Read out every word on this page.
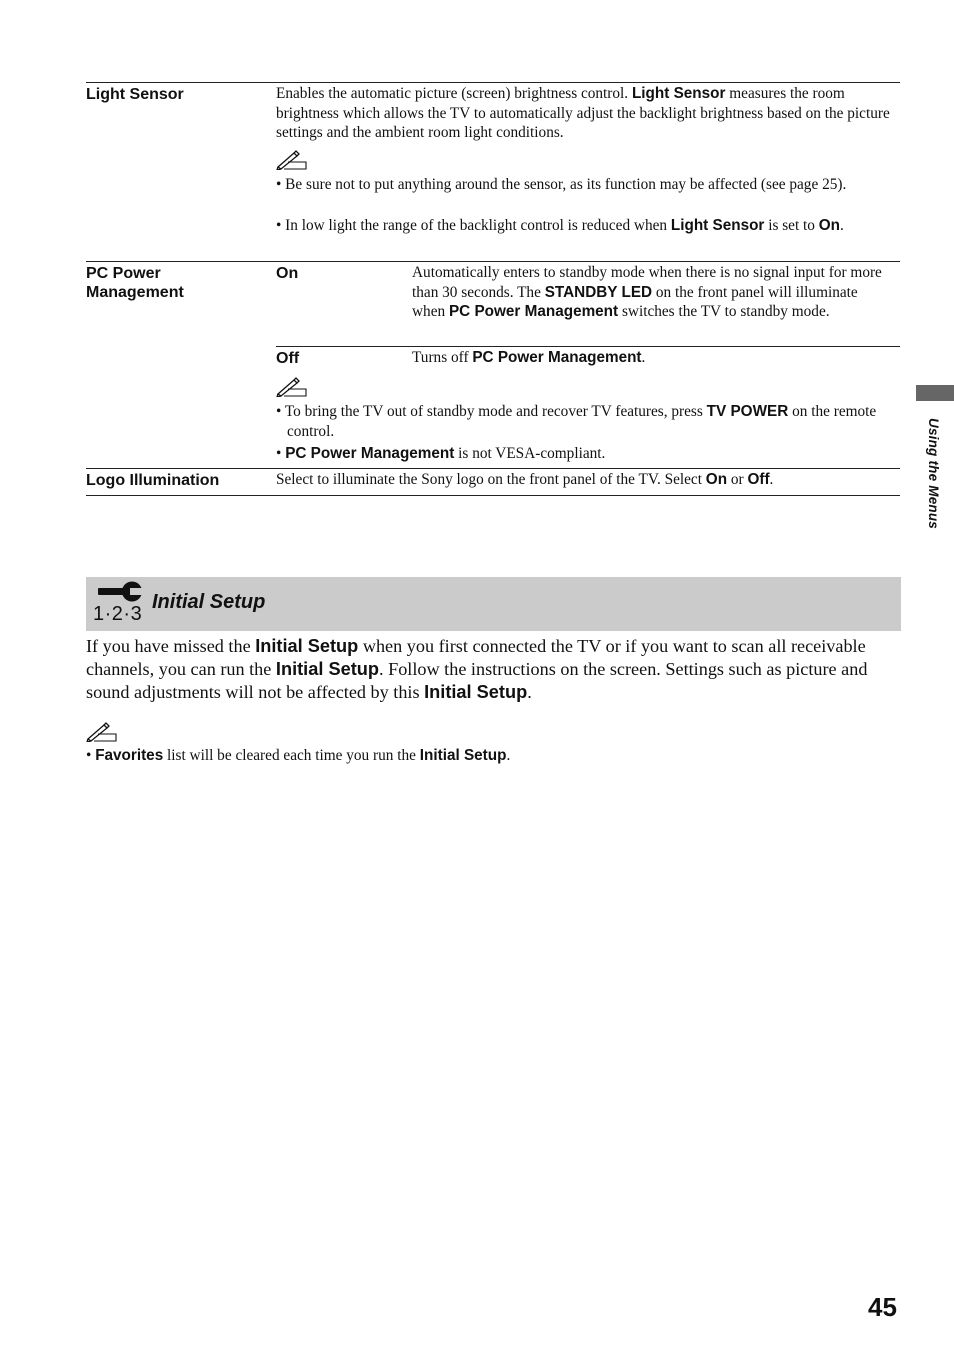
Using the Menus
Light Sensor	Enables the automatic picture (screen) brightness control. Light Sensor measures the room brightness which allows the TV to automatically adjust the backlight brightness based on the picture settings and the ambient room light conditions.
• Be sure not to put anything around the sensor, as its function may be affected (see page 25).
• In low light the range of the backlight control is reduced when Light Sensor is set to On.
PC Power
Management
On	Automatically enters to standby mode when there is no signal input for more than 30 seconds. The STANDBY LED on the front panel will illuminate when PC Power Management switches the TV to standby mode.
Off	Turns off PC Power Management.
• To bring the TV out of standby mode and recover TV features, press TV POWER on the remote control.
• PC Power Management is not VESA-compliant.
Logo Illumination	Select to illuminate the Sony logo on the front panel of the TV. Select On or Off.
1·2·3
Initial Setup
If you have missed the Initial Setup when you first connected the TV or if you want to scan all receivable channels, you can run the Initial Setup. Follow the instructions on the screen. Settings such as picture and sound adjustments will not be affected by this Initial Setup.
• Favorites list will be cleared each time you run the Initial Setup.
45
